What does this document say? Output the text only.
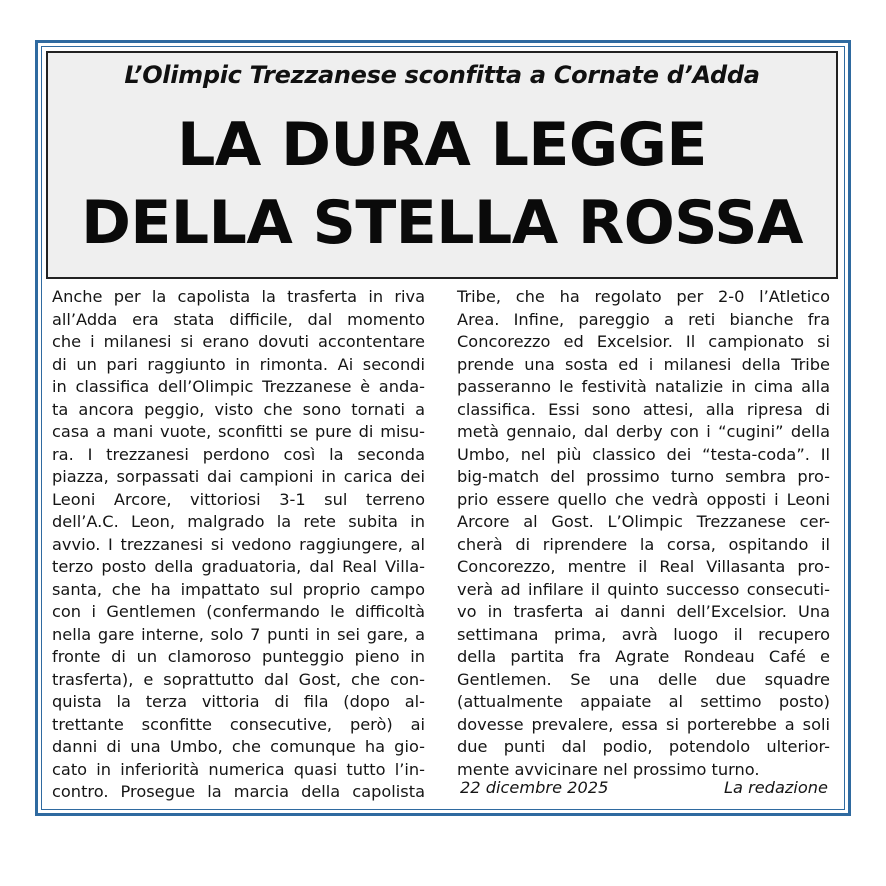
L’Olimpic Trezzanese sconfitta a Cornate d’Adda
LA DURA LEGGE
DELLA STELLA ROSSA
Anche per la capolista la trasferta in riva
all’Adda era stata difficile, dal momento
che i milanesi si erano dovuti accontentare
di un pari raggiunto in rimonta. Ai secondi
in classifica dell’Olimpic Trezzanese è anda-
ta ancora peggio, visto che sono tornati a
casa a mani vuote, sconfitti se pure di misu-
ra. I trezzanesi perdono così la seconda
piazza, sorpassati dai campioni in carica dei
Leoni Arcore, vittoriosi 3-1 sul terreno
dell’A.C. Leon, malgrado la rete subita in
avvio. I trezzanesi si vedono raggiungere, al
terzo posto della graduatoria, dal Real Villa-
santa, che ha impattato sul proprio campo
con i Gentlemen (confermando le difficoltà
nella gare interne, solo 7 punti in sei gare, a
fronte di un clamoroso punteggio pieno in
trasferta), e soprattutto dal Gost, che con-
quista la terza vittoria di fila (dopo al-
trettante sconfitte consecutive, però) ai
danni di una Umbo, che comunque ha gio-
cato in inferiorità numerica quasi tutto l’in-
contro. Prosegue la marcia della capolista
Tribe, che ha regolato per 2-0 l’Atletico
Area. Infine, pareggio a reti bianche fra
Concorezzo ed Excelsior. Il campionato si
prende una sosta ed i milanesi della Tribe
passeranno le festività natalizie in cima alla
classifica. Essi sono attesi, alla ripresa di
metà gennaio, dal derby con i “cugini” della
Umbo, nel più classico dei “testa-coda”. Il
big-match del prossimo turno sembra pro-
prio essere quello che vedrà opposti i Leoni
Arcore al Gost. L’Olimpic Trezzanese cer-
cherà di riprendere la corsa, ospitando il
Concorezzo, mentre il Real Villasanta pro-
verà ad infilare il quinto successo consecuti-
vo in trasferta ai danni dell’Excelsior. Una
settimana prima, avrà luogo il recupero
della partita fra Agrate Rondeau Café e
Gentlemen. Se una delle due squadre
(attualmente appaiate al settimo posto)
dovesse prevalere, essa si porterebbe a soli
due punti dal podio, potendolo ulterior-
mente avvicinare nel prossimo turno.
22 dicembre 2025	La redazione
